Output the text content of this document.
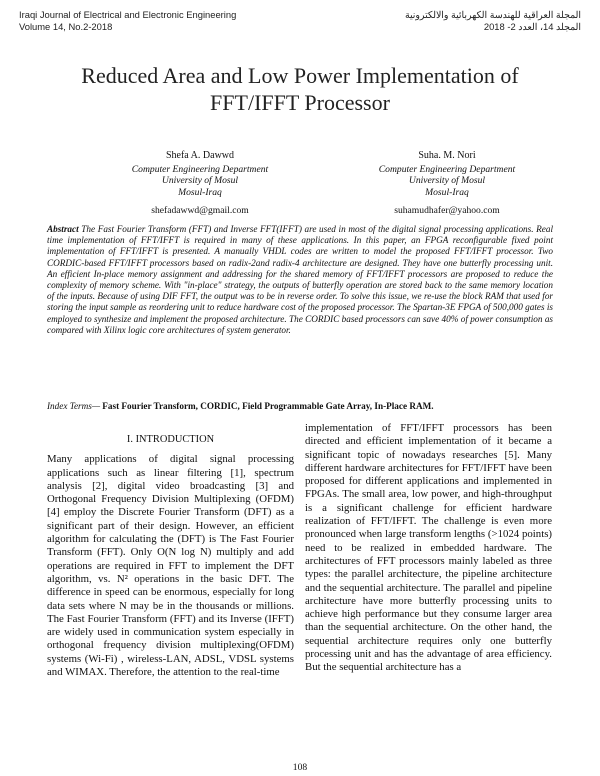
Iraqi Journal of Electrical and Electronic Engineering
Volume 14, No.2-2018
المجلة العراقية للهندسة الكهربائية والالكترونية
المجلد 14، العدد 2- 2018
Reduced Area and Low Power Implementation of
FFT/IFFT Processor
Shefa A. Dawwd
Computer Engineering Department
University of Mosul
Mosul-Iraq
shefadawwd@gmail.com
Suha. M. Nori
Computer Engineering Department
University of Mosul
Mosul-Iraq
suhamudhafer@yahoo.com
Abstract The Fast Fourier Transform (FFT) and Inverse FFT(IFFT) are used in most of the digital signal processing applications. Real time implementation of FFT/IFFT is required in many of these applications. In this paper, an FPGA reconfigurable fixed point implementation of FFT/IFFT is presented. A manually VHDL codes are written to model the proposed FFT/IFFT processor. Two CORDIC-based FFT/IFFT processors based on radix-2and radix-4 architecture are designed. They have one butterfly processing unit. An efficient In-place memory assignment and addressing for the shared memory of FFT/IFFT processors are proposed to reduce the complexity of memory scheme. With "in-place" strategy, the outputs of butterfly operation are stored back to the same memory location of the inputs. Because of using DIF FFT, the output was to be in reverse order. To solve this issue, we re-use the block RAM that used for storing the input sample as reordering unit to reduce hardware cost of the proposed processor. The Spartan-3E FPGA of 500,000 gates is employed to synthesize and implement the proposed architecture. The CORDIC based processors can save 40% of power consumption as compared with Xilinx logic core architectures of system generator.
Index Terms— Fast Fourier Transform, CORDIC, Field Programmable Gate Array, In-Place RAM.
I. INTRODUCTION

Many applications of digital signal processing applications such as linear filtering [1], spectrum analysis [2], digital video broadcasting [3] and Orthogonal Frequency Division Multiplexing (OFDM) [4] employ the Discrete Fourier Transform (DFT) as a significant part of their design. However, an efficient algorithm for calculating the (DFT) is The Fast Fourier Transform (FFT). Only O(N log N) multiply and add operations are required in FFT to implement the DFT algorithm, vs. N² operations in the basic DFT. The difference in speed can be enormous, especially for long data sets where N may be in the thousands or millions. The Fast Fourier Transform (FFT) and its Inverse (IFFT) are widely used in communication system especially in orthogonal frequency division multiplexing(OFDM) systems (Wi-Fi) , wireless-LAN, ADSL, VDSL systems and WIMAX. Therefore, the attention to the real-time

implementation of FFT/IFFT processors has been directed and efficient implementation of it became a significant topic of nowadays researches [5]. Many different hardware architectures for FFT/IFFT have been proposed for different applications and implemented in FPGAs. The small area, low power, and high-throughput is a significant challenge for efficient hardware realization of FFT/IFFT. The challenge is even more pronounced when large transform lengths (>1024 points) need to be realized in embedded hardware. The architectures of FFT processors mainly labeled as three types: the parallel architecture, the pipeline architecture and the sequential architecture. The parallel and pipeline architecture have more butterfly processing units to achieve high performance but they consume larger area than the sequential architecture. On the other hand, the sequential architecture requires only one butterfly processing unit and has the advantage of area efficiency. But the sequential architecture has a

108
